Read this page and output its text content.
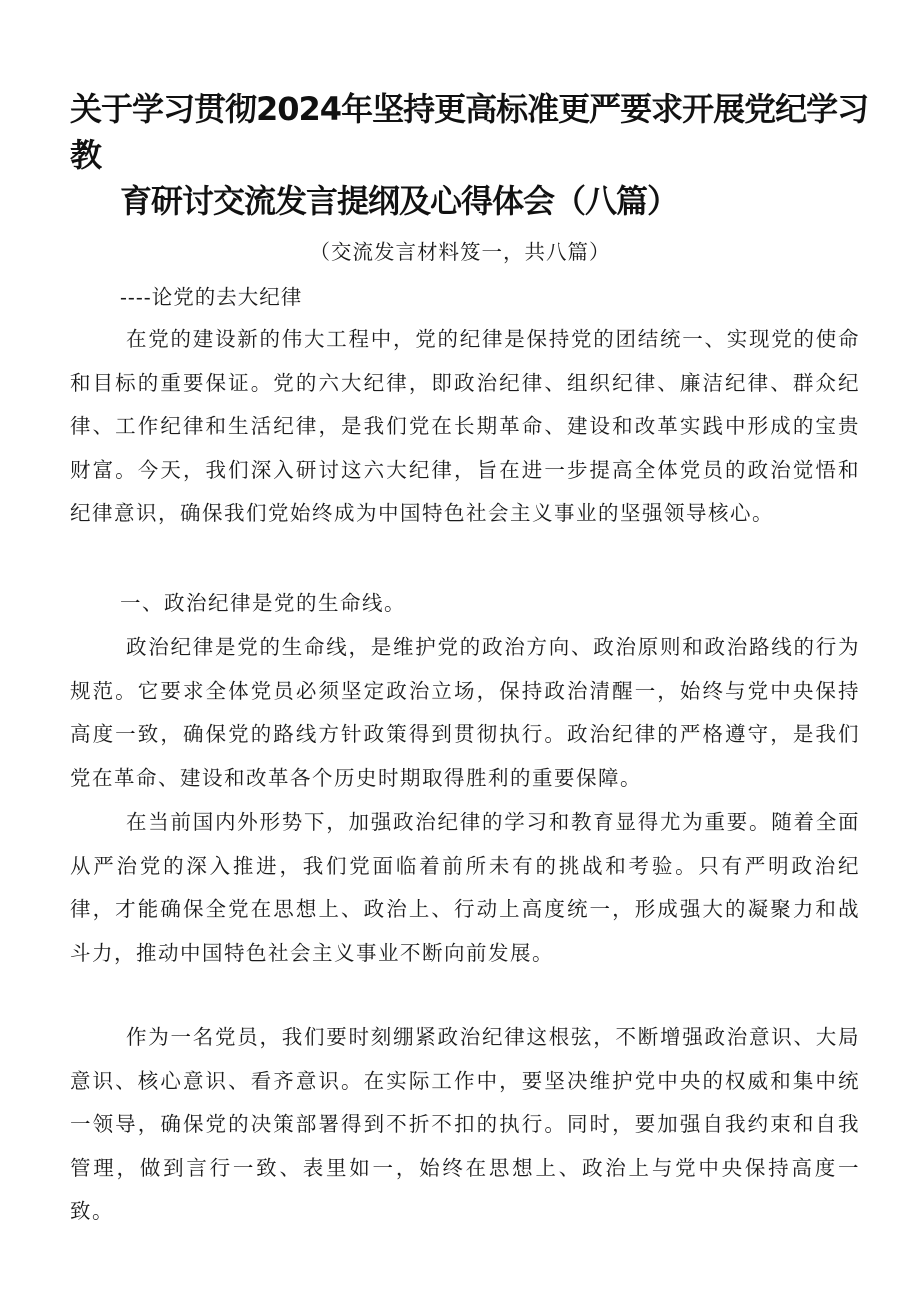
关于学习贯彻2024年坚持更高标准更严要求开展党纪学习教
育研讨交流发言提纲及心得体会（八篇）
（交流发言材料笈一，共八篇）
----论党的去大纪律

在党的建设新的伟大工程中，党的纪律是保持党的团结统一、实现党的使命和目标的重要保证。党的六大纪律，即政治纪律、组织纪律、廉洁纪律、群众纪律、工作纪律和生活纪律，是我们党在长期革命、建设和改革实践中形成的宝贵财富。今天，我们深入研讨这六大纪律，旨在进一步提高全体党员的政治觉悟和纪律意识，确保我们党始终成为中国特色社会主义事业的坚强领导核心。

一、政治纪律是党的生命线。

政治纪律是党的生命线，是维护党的政治方向、政治原则和政治路线的行为规范。它要求全体党员必须坚定政治立场，保持政治清醒一，始终与党中央保持高度一致，确保党的路线方针政策得到贯彻执行。政治纪律的严格遵守，是我们党在革命、建设和改革各个历史时期取得胜利的重要保障。

在当前国内外形势下，加强政治纪律的学习和教育显得尤为重要。随着全面从严治党的深入推进，我们党面临着前所未有的挑战和考验。只有严明政治纪律，才能确保全党在思想上、政治上、行动上高度统一，形成强大的凝聚力和战斗力，推动中国特色社会主义事业不断向前发展。

作为一名党员，我们要时刻绷紧政治纪律这根弦，不断增强政治意识、大局意识、核心意识、看齐意识。在实际工作中，要坚决维护党中央的权威和集中统一领导，确保党的决策部署得到不折不扣的执行。同时，要加强自我约束和自我管理，做到言行一致、表里如一，始终在思想上、政治上与党中央保持高度一致。
